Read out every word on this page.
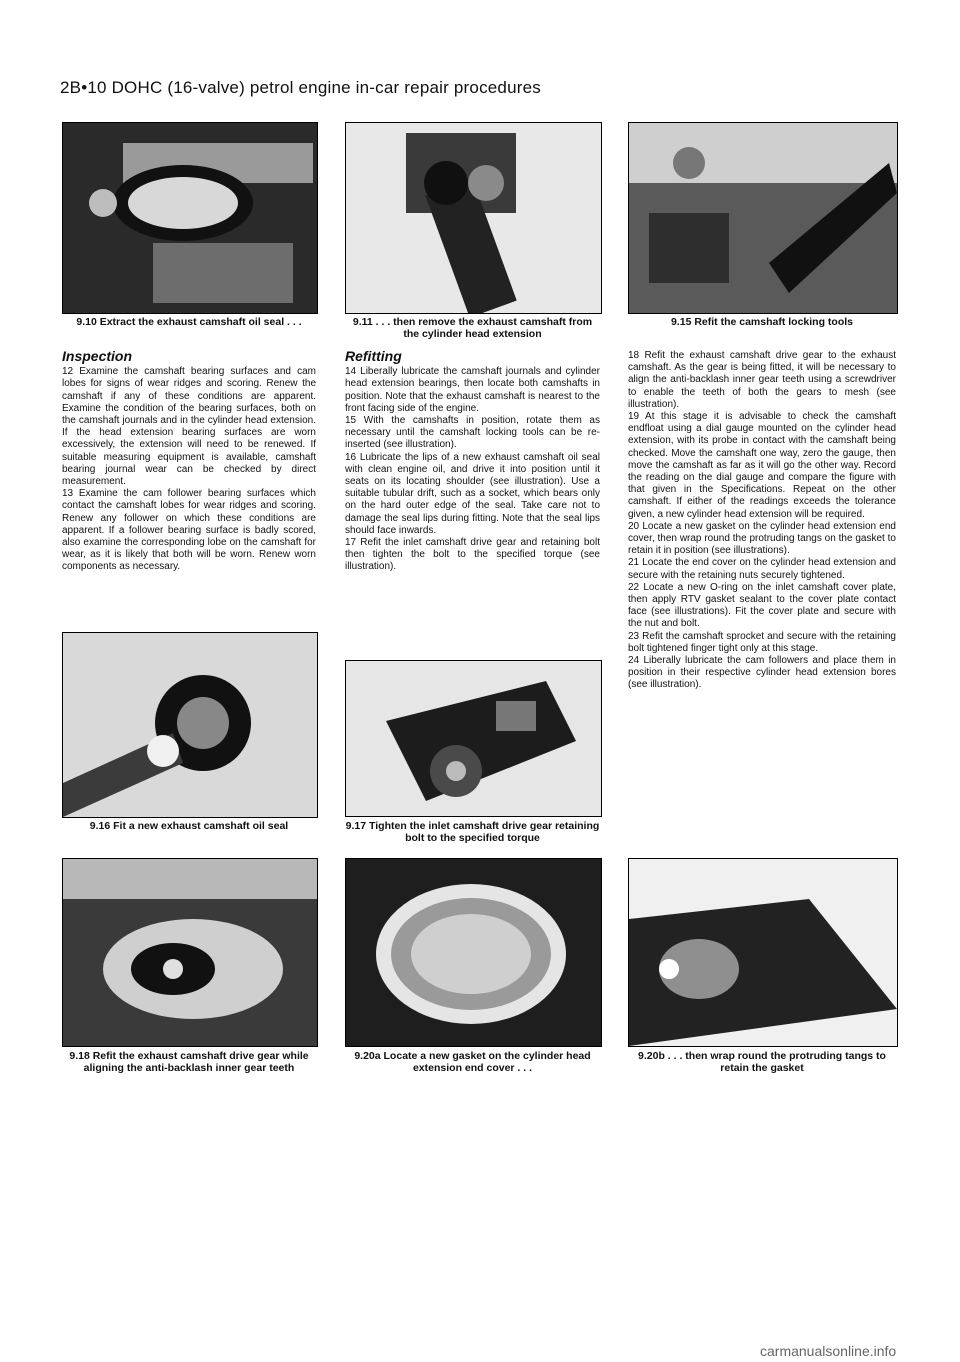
2B•10 DOHC (16-valve) petrol engine in-car repair procedures
9.10 Extract the exhaust camshaft oil seal . . .	9.11 . . . then remove the exhaust camshaft from the cylinder head extension
9.15 Refit the camshaft locking tools
Inspection

12 Examine the camshaft bearing surfaces and cam lobes for signs of wear ridges and scoring. Renew the camshaft if any of these conditions are apparent. Examine the condition of the bearing surfaces, both on the camshaft journals and in the cylinder head extension. If the head extension bearing surfaces are worn excessively, the extension will need to be renewed. If suitable measuring equipment is available, camshaft bearing journal wear can be checked by direct measurement.

13 Examine the cam follower bearing surfaces which contact the camshaft lobes for wear ridges and scoring. Renew any follower on which these conditions are apparent. If a follower bearing surface is badly scored, also examine the corresponding lobe on the camshaft for wear, as it is likely that both will be worn. Renew worn components as necessary.

Refitting

14 Liberally lubricate the camshaft journals and cylinder head extension bearings, then locate both camshafts in position. Note that the exhaust camshaft is nearest to the front facing side of the engine.

15 With the camshafts in position, rotate them as necessary until the camshaft locking tools can be re-inserted (see illustration).

16 Lubricate the lips of a new exhaust camshaft oil seal with clean engine oil, and drive it into position until it seats on its locating shoulder (see illustration). Use a suitable tubular drift, such as a socket, which bears only on the hard outer edge of the seal. Take care not to damage the seal lips during fitting. Note that the seal lips should face inwards.

17 Refit the inlet camshaft drive gear and retaining bolt then tighten the bolt to the specified torque (see illustration).

18 Refit the exhaust camshaft drive gear to the exhaust camshaft. As the gear is being fitted, it will be necessary to align the anti-backlash inner gear teeth using a screwdriver to enable the teeth of both the gears to mesh (see illustration).

19 At this stage it is advisable to check the camshaft endfloat using a dial gauge mounted on the cylinder head extension, with its probe in contact with the camshaft being checked. Move the camshaft one way, zero the gauge, then move the camshaft as far as it will go the other way. Record the reading on the dial gauge and compare the figure with that given in the Specifications. Repeat on the other camshaft. If either of the readings exceeds the tolerance given, a new cylinder head extension will be required.

20 Locate a new gasket on the cylinder head extension end cover, then wrap round the protruding tangs on the gasket to retain it in position (see illustrations).

21 Locate the end cover on the cylinder head extension and secure with the retaining nuts securely tightened.

22 Locate a new O-ring on the inlet camshaft cover plate, then apply RTV gasket sealant to the cover plate contact face (see illustrations). Fit the cover plate and secure with the nut and bolt.

23 Refit the camshaft sprocket and secure with the retaining bolt tightened finger tight only at this stage.

24 Liberally lubricate the cam followers and place them in position in their respective cylinder head extension bores (see illustration).

9.16 Fit a new exhaust camshaft oil seal	9.17 Tighten the inlet camshaft drive gear retaining bolt to the specified torque
9.18 Refit the exhaust camshaft drive gear while aligning the anti-backlash inner gear teeth
9.20a Locate a new gasket on the cylinder head extension end cover . . .
9.20b . . . then wrap round the protruding tangs to retain the gasket
carmanualsonline.info
